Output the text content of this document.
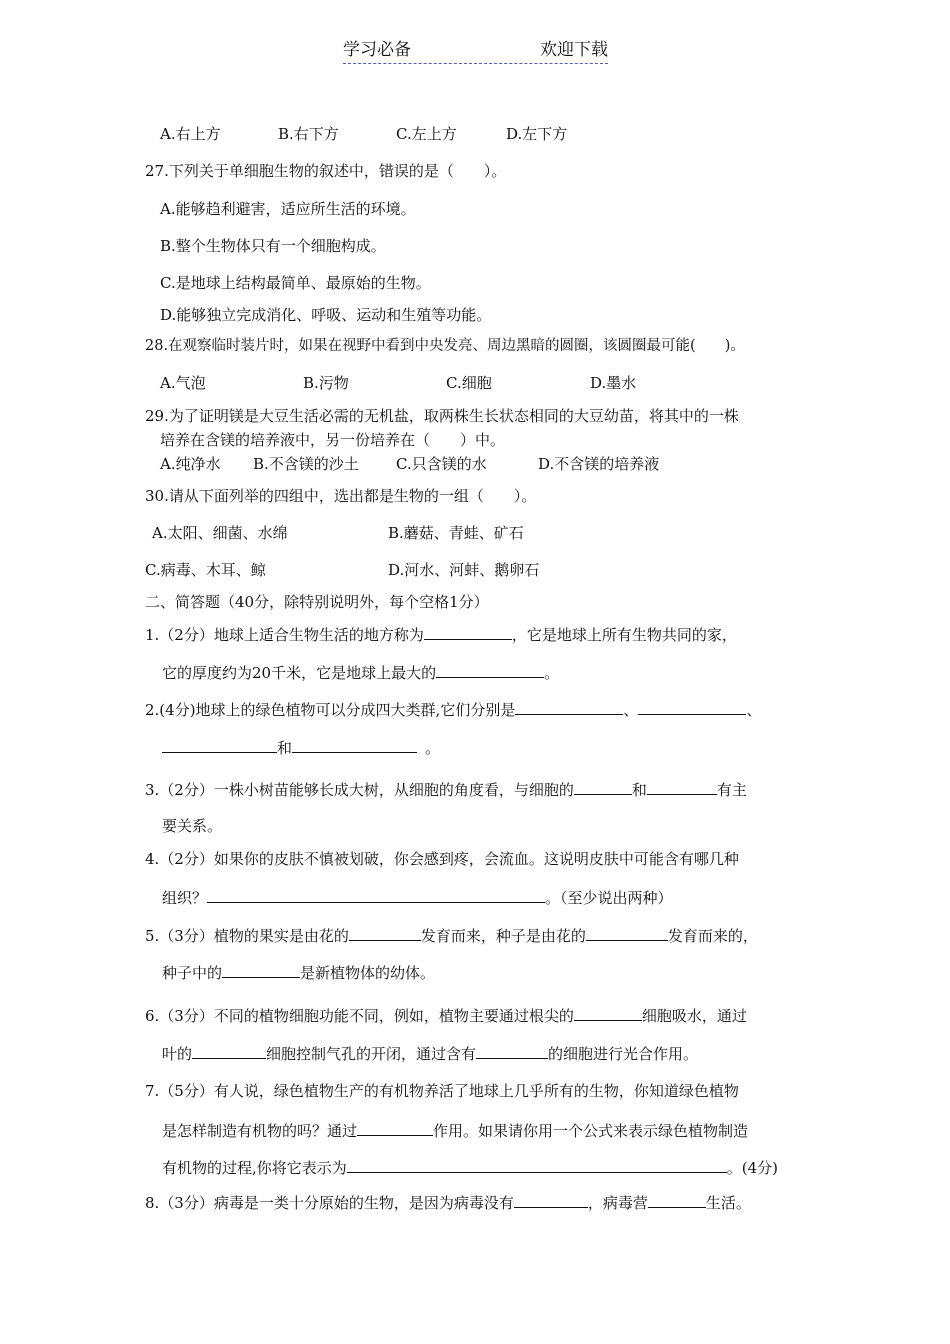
学习必备	欢迎下载
A.右上方	B.右下方	C.左上方	D.左下方
27.下列关于单细胞生物的叙述中，错误的是（　　）。
A.能够趋利避害，适应所生活的环境。
B.整个生物体只有一个细胞构成。
C.是地球上结构最简单、最原始的生物。
D.能够独立完成消化、呼吸、运动和生殖等功能。
28.在观察临时装片时，如果在视野中看到中央发亮、周边黑暗的圆圈，该圆圈最可能(　　)。
A.气泡	B.污物	C.细胞	D.墨水
29.为了证明镁是大豆生活必需的无机盐，取两株生长状态相同的大豆幼苗，将其中的一株
培养在含镁的培养液中，另一份培养在（　　）中。
A.纯净水 B.不含镁的沙土 C.只含镁的水	D.不含镁的培养液
30.请从下面列举的四组中，选出都是生物的一组（　　）。
A.太阳、细菌、水绵	B.蘑菇、青蛙、矿石
C.病毒、木耳、鲸	D.河水、河蚌、鹅卵石
二、简答题（40分，除特别说明外，每个空格1分）
1.（2分）地球上适合生物生活的地方称为	，它是地球上所有生物共同的家，
它的厚度约为20千米，它是地球上最大的	。
2.(4分)地球上的绿色植物可以分成四大类群,它们分别是	、	、
和	。
3.（2分）一株小树苗能够长成大树，从细胞的角度看，与细胞的	和	有主
要关系。
4.（2分）如果你的皮肤不慎被划破，你会感到疼，会流血。这说明皮肤中可能含有哪几种
组织？	。（至少说出两种）
5.（3分）植物的果实是由花的	发育而来，种子是由花的	发育而来的，
种子中的	是新植物体的幼体。
6.（3分）不同的植物细胞功能不同，例如，植物主要通过根尖的	细胞吸水，通过
叶的	细胞控制气孔的开闭，通过含有	的细胞进行光合作用。
7.（5分）有人说，绿色植物生产的有机物养活了地球上几乎所有的生物，你知道绿色植物
是怎样制造有机物的吗？通过	作用。如果请你用一个公式来表示绿色植物制造
有机物的过程,你将它表示为	。(4分)
8.（3分）病毒是一类十分原始的生物，是因为病毒没有	，病毒营	生活。
